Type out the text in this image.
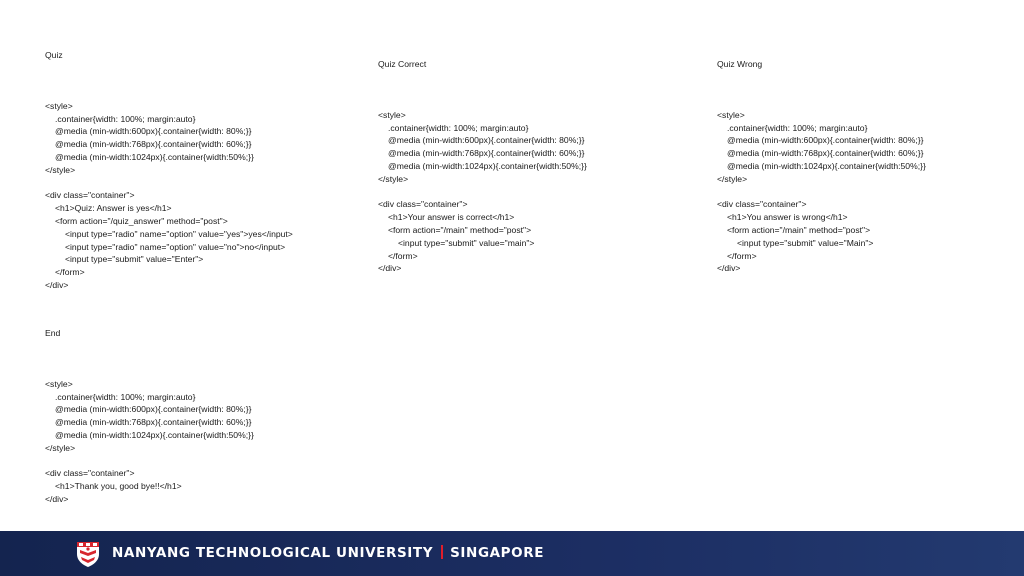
Quiz

<style>
.container{width: 100%; margin:auto}
@media (min-width:600px){.container{width: 80%;}}
@media (min-width:768px){.container{width: 60%;}}
@media (min-width:1024px){.container{width:50%;}}
</style>
<div class="container">
<h1>Quiz: Answer is yes</h1>
<form action="/quiz_answer" method="post">
<input type="radio" name="option" value="yes">yes</input>
<input type="radio" name="option" value="no">no</input>
<input type="submit" value="Enter">
</form>
</div>

Quiz Correct

<style>
.container{width: 100%; margin:auto}
@media (min-width:600px){.container{width: 80%;}}
@media (min-width:768px){.container{width: 60%;}}
@media (min-width:1024px){.container{width:50%;}}
</style>
<div class="container">
<h1>Your answer is correct</h1>
<form action="/main" method="post">
<input type="submit" value="main">
</form>
</div>

Quiz Wrong

<style>
.container{width: 100%; margin:auto}
@media (min-width:600px){.container{width: 80%;}}
@media (min-width:768px){.container{width: 60%;}}
@media (min-width:1024px){.container{width:50%;}}
</style>
<div class="container">
<h1>You answer is wrong</h1>
<form action="/main" method="post">
<input type="submit" value="Main">
</form>
</div>

End

<style>
.container{width: 100%; margin:auto}
@media (min-width:600px){.container{width: 80%;}}
@media (min-width:768px){.container{width: 60%;}}
@media (min-width:1024px){.container{width:50%;}}
</style>
<div class="container">
<h1>Thank you, good bye!!</h1>
</div>

NANYANG TECHNOLOGICAL UNIVERSITY SINGAPORE
